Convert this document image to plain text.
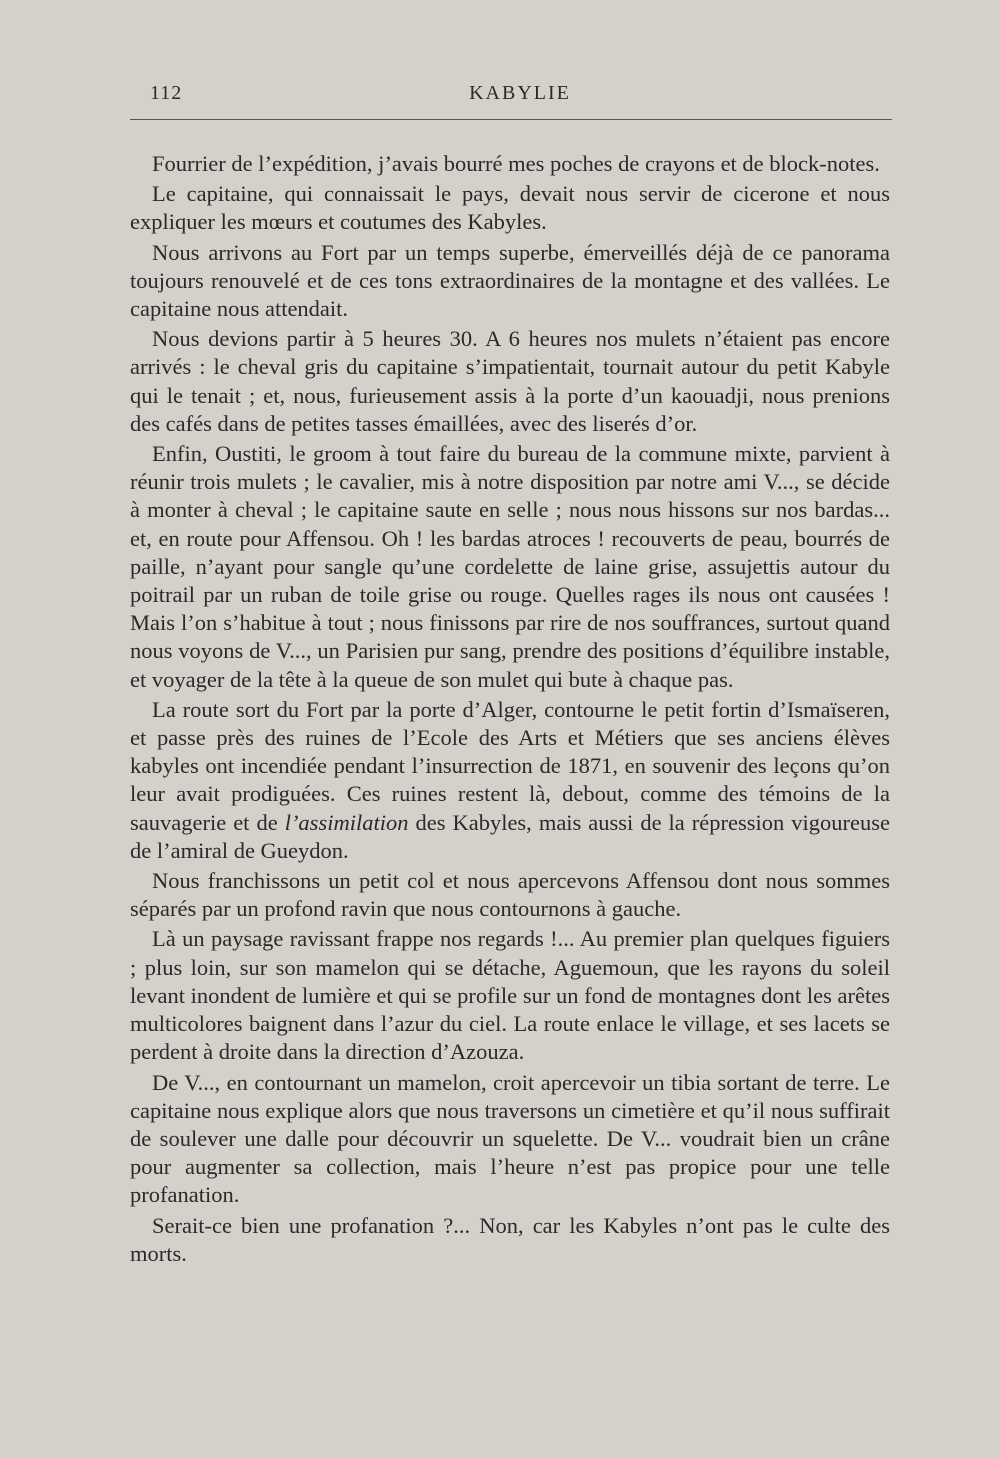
112	KABYLIE

Fourrier de l’expédition, j’avais bourré mes poches de crayons et de block-notes.

Le capitaine, qui connaissait le pays, devait nous servir de cicerone et nous expliquer les mœurs et coutumes des Kabyles.

Nous arrivons au Fort par un temps superbe, émerveillés déjà de ce panorama toujours renouvelé et de ces tons extraordinaires de la montagne et des vallées. Le capitaine nous attendait.

Nous devions partir à 5 heures 30. A 6 heures nos mulets n’étaient pas encore arrivés : le cheval gris du capitaine s’impatientait, tournait autour du petit Kabyle qui le tenait ; et, nous, furieusement assis à la porte d’un kaouadji, nous prenions des cafés dans de petites tasses émaillées, avec des liserés d’or.

Enfin, Oustiti, le groom à tout faire du bureau de la commune mixte, parvient à réunir trois mulets ; le cavalier, mis à notre disposition par notre ami V..., se décide à monter à cheval ; le capitaine saute en selle ; nous nous hissons sur nos bardas... et, en route pour Affensou. Oh ! les bardas atroces ! recouverts de peau, bourrés de paille, n’ayant pour sangle qu’une cordelette de laine grise, assujettis autour du poitrail par un ruban de toile grise ou rouge. Quelles rages ils nous ont causées ! Mais l’on s’habitue à tout ; nous finissons par rire de nos souffrances, surtout quand nous voyons de V..., un Parisien pur sang, prendre des positions d’équilibre instable, et voyager de la tête à la queue de son mulet qui bute à chaque pas.

La route sort du Fort par la porte d’Alger, contourne le petit fortin d’Ismaïseren, et passe près des ruines de l’Ecole des Arts et Métiers que ses anciens élèves kabyles ont incendiée pendant l’insurrection de 1871, en souvenir des leçons qu’on leur avait prodiguées. Ces ruines restent là, debout, comme des témoins de la sauvagerie et de l’assimilation des Kabyles, mais aussi de la répression vigoureuse de l’amiral de Gueydon.

Nous franchissons un petit col et nous apercevons Affensou dont nous sommes séparés par un profond ravin que nous contournons à gauche.

Là un paysage ravissant frappe nos regards !... Au premier plan quelques figuiers ; plus loin, sur son mamelon qui se détache, Aguemoun, que les rayons du soleil levant inondent de lumière et qui se profile sur un fond de montagnes dont les arêtes multicolores baignent dans l’azur du ciel. La route enlace le village, et ses lacets se perdent à droite dans la direction d’Azouza.

De V..., en contournant un mamelon, croit apercevoir un tibia sortant de terre. Le capitaine nous explique alors que nous traversons un cimetière et qu’il nous suffirait de soulever une dalle pour découvrir un squelette. De V... voudrait bien un crâne pour augmenter sa collection, mais l’heure n’est pas propice pour une telle profanation.

Serait-ce bien une profanation ?... Non, car les Kabyles n’ont pas le culte des morts.
